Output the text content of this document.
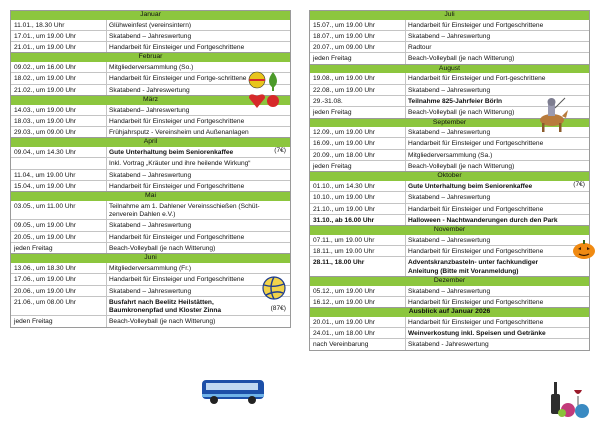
Januar
11.01., 18.30 Uhr	Glühweinfest (vereinsintern)
17.01., um 19.00 Uhr	Skatabend – Jahreswertung
21.01., um 19.00 Uhr	Handarbeit für Einsteiger und Fortgeschrittene
Februar
09.02., um 16.00 Uhr	Mitgliederversammlung (So.)
18.02., um 19.00 Uhr	Handarbeit für Einsteiger und Fortge-schrittene
21.02., um 19.00 Uhr	Skatabend - Jahreswertung
März
14.03., um 19.00 Uhr	Skatabend– Jahreswertung
18.03., um 19.00 Uhr	Handarbeit für Einsteiger und Fortgeschrittene
29.03., um 09.00 Uhr	Frühjahrsputz - Vereinsheim und Außenanlagen
April
09.04., um 14.30 Uhr	Gute Unterhaltung beim Seniorenkaffee	(7€)
Inkl. Vortrag „Kräuter und ihre heilende Wirkung“
11.04., um 19.00 Uhr	Skatabend – Jahreswertung
15.04., um 19.00 Uhr	Handarbeit für Einsteiger und Fortgeschrittene
Mai
03.05., um 11.00 Uhr	Teilnahme am 1. Dahlener Vereinsschießen (Schüt-zenverein Dahlen e.V.)
09.05., um 19.00 Uhr	Skatabend – Jahreswertung
20.05., um 19.00 Uhr	Handarbeit für Einsteiger und Fortgeschrittene
jeden Freitag	Beach-Volleyball (je nach Witterung)
Juni
13.06., um 18.30 Uhr	Mitgliederversammlung (Fr.)
17.06., um 19.00 Uhr	Handarbeit für Einsteiger und Fortgeschrittene
20.06., um 19.00 Uhr	Skatabend – Jahreswertung
21.06., um 08.00 Uhr	Busfahrt nach Beelitz Heilstätten, Baumkronenpfad und Kloster Zinna	(87€)
jeden Freitag	Beach-Volleyball (je nach Witterung)
Juli
15.07., um 19.00 Uhr	Handarbeit für Einsteiger und Fortgeschrittene
18.07., um 19.00 Uhr	Skatabend – Jahreswertung
20.07., um 09.00 Uhr	Radtour
jeden Freitag	Beach-Volleyball (je nach Witterung)
August
19.08., um 19.00 Uhr	Handarbeit für Einsteiger und Fort-geschrittene
22.08., um 19.00 Uhr	Skatabend – Jahreswertung
29.-31.08.	Teilnahme 825-Jahrfeier Börln
jeden Freitag	Beach-Volleyball (je nach Witterung)
September
12.09., um 19.00 Uhr	Skatabend – Jahreswertung
16.09., um 19.00 Uhr	Handarbeit für Einsteiger und Fortgeschrittene
20.09., um 18.00 Uhr	Mitgliederversammlung (Sa.)
jeden Freitag	Beach-Volleyball (je nach Witterung)
Oktober
01.10., um 14.30 Uhr	Gute Unterhaltung beim Seniorenkaffee	(7€)
10.10., um 19.00 Uhr	Skatabend – Jahreswertung
21.10., um 19.00 Uhr	Handarbeit für Einsteiger und Fortgeschrittene
31.10., ab 16.00 Uhr	Halloween - Nachtwanderungen durch den Park
November
07.11., um 19.00 Uhr	Skatabend – Jahreswertung
18.11., um 19.00 Uhr	Handarbeit für Einsteiger und Fortgeschrittene
28.11., 18.00 Uhr	Adventskranzbasteln- unter fachkundiger Anleitung (Bitte mit Voranmeldung)
Dezember
05.12., um 19.00 Uhr	Skatabend – Jahreswertung
16.12., um 19.00 Uhr	Handarbeit für Einsteiger und Fortgeschrittene
Ausblick auf Januar 2026
20.01., um 19.00 Uhr	Handarbeit für Einsteiger und Fortgeschrittene
24.01., um 18.00 Uhr	Weinverkostung inkl. Speisen und Getränke
nach Vereinbarung	Skatabend - Jahreswertung
